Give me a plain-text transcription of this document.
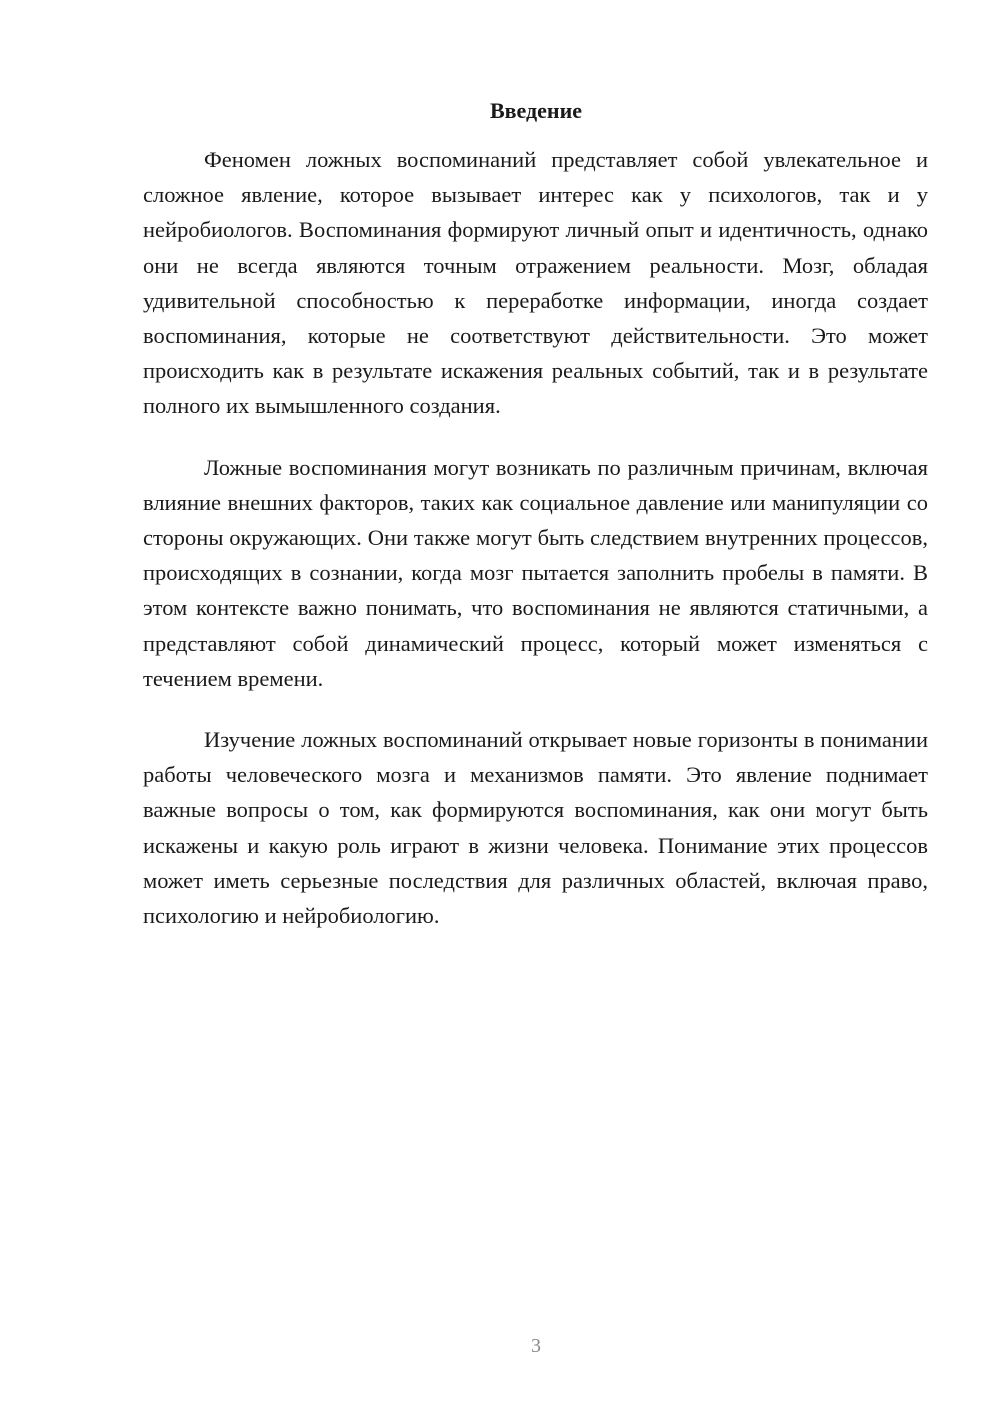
Введение

Феномен ложных воспоминаний представляет собой увлекательное и сложное явление, которое вызывает интерес как у психологов, так и у нейробиологов. Воспоминания формируют личный опыт и идентичность, однако они не всегда являются точным отражением реальности. Мозг, обладая удивительной способностью к переработке информации, иногда создает воспоминания, которые не соответствуют действительности. Это может происходить как в результате искажения реальных событий, так и в результате полного их вымышленного создания.

Ложные воспоминания могут возникать по различным причинам, включая влияние внешних факторов, таких как социальное давление или манипуляции со стороны окружающих. Они также могут быть следствием внутренних процессов, происходящих в сознании, когда мозг пытается заполнить пробелы в памяти. В этом контексте важно понимать, что воспоминания не являются статичными, а представляют собой динамический процесс, который может изменяться с течением времени.

Изучение ложных воспоминаний открывает новые горизонты в понимании работы человеческого мозга и механизмов памяти. Это явление поднимает важные вопросы о том, как формируются воспоминания, как они могут быть искажены и какую роль играют в жизни человека. Понимание этих процессов может иметь серьезные последствия для различных областей, включая право, психологию и нейробиологию.

3
